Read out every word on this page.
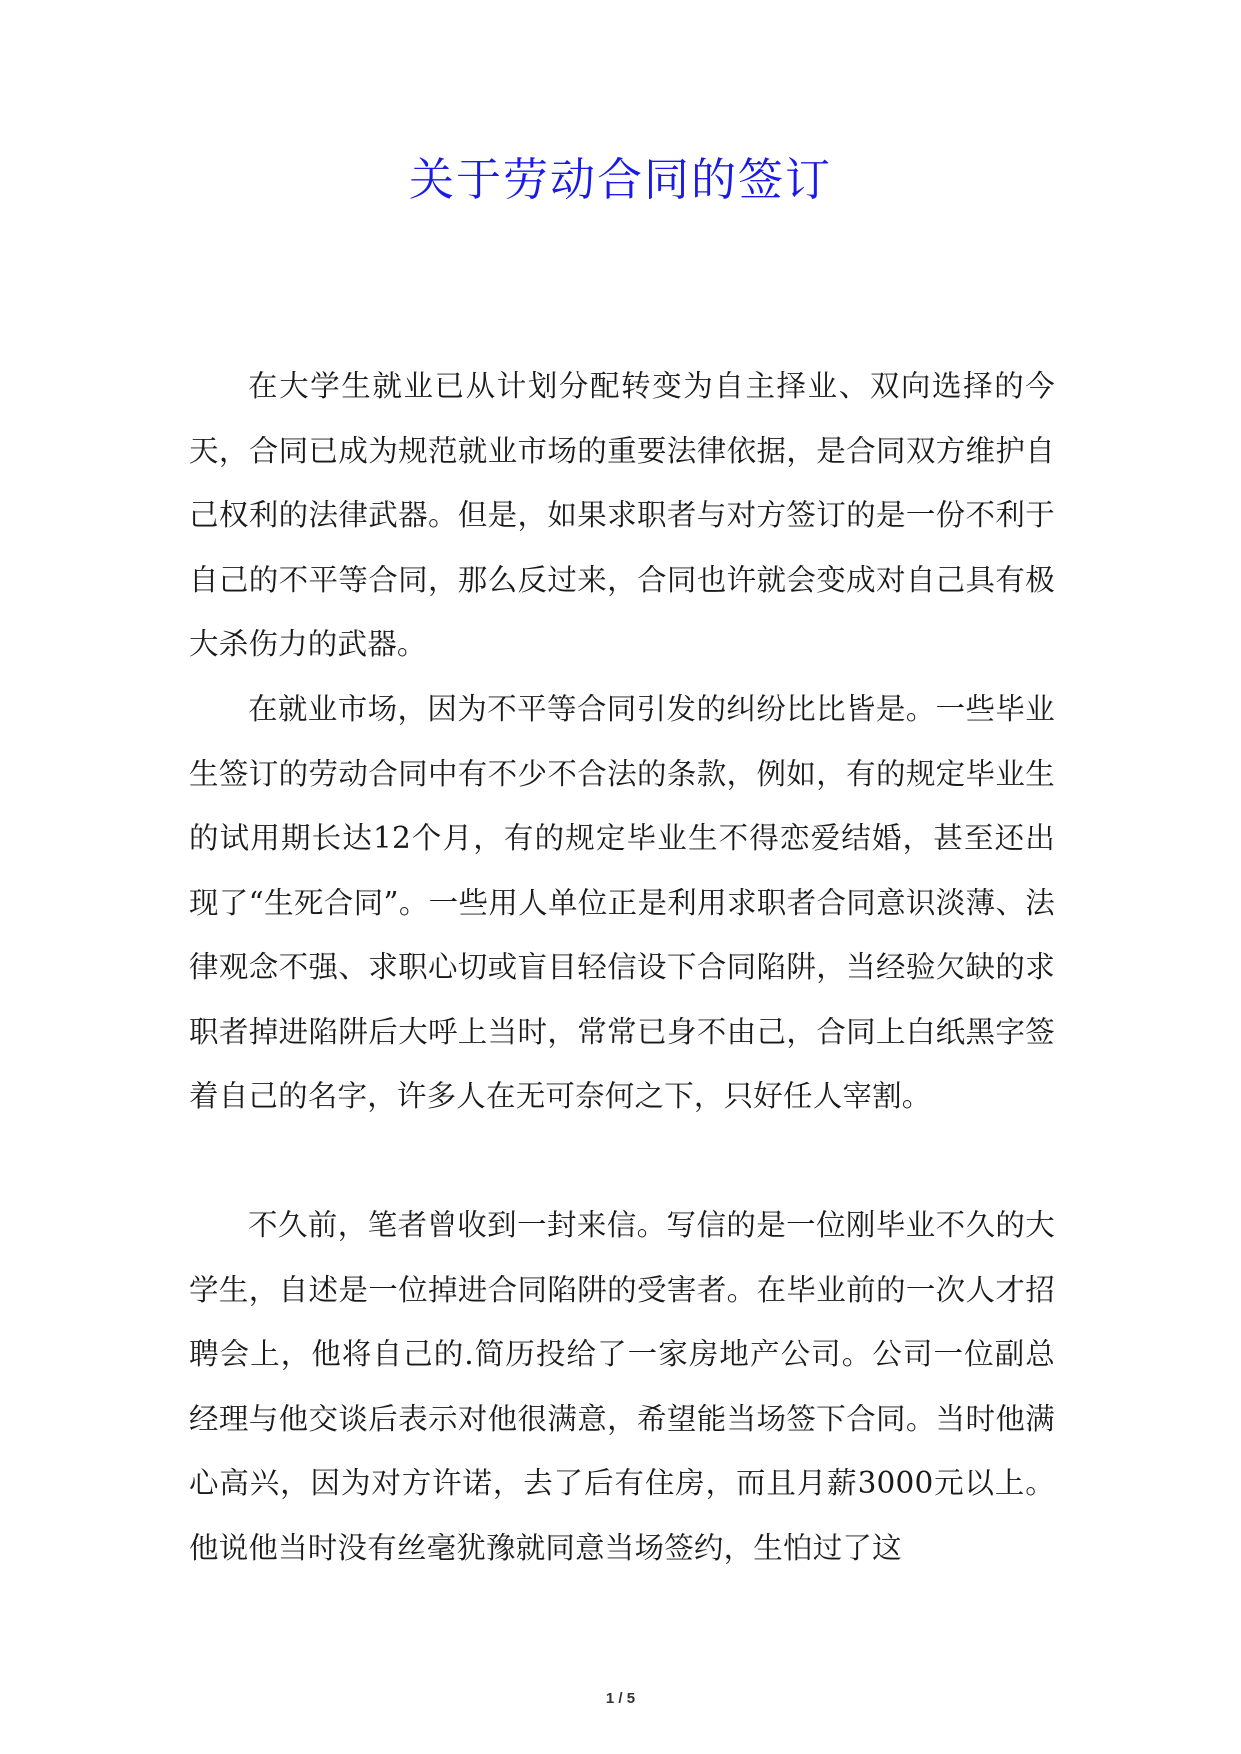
关于劳动合同的签订

在大学生就业已从计划分配转变为自主择业、双向选择的今天，合同已成为规范就业市场的重要法律依据，是合同双方维护自己权利的法律武器。但是，如果求职者与对方签订的是一份不利于自己的不平等合同，那么反过来，合同也许就会变成对自己具有极大杀伤力的武器。

在就业市场，因为不平等合同引发的纠纷比比皆是。一些毕业生签订的劳动合同中有不少不合法的条款，例如，有的规定毕业生的试用期长达12个月，有的规定毕业生不得恋爱结婚，甚至还出现了“生死合同”。一些用人单位正是利用求职者合同意识淡薄、法律观念不强、求职心切或盲目轻信设下合同陷阱，当经验欠缺的求职者掉进陷阱后大呼上当时，常常已身不由己，合同上白纸黑字签着自己的名字，许多人在无可奈何之下，只好任人宰割。

不久前，笔者曾收到一封来信。写信的是一位刚毕业不久的大学生，自述是一位掉进合同陷阱的受害者。在毕业前的一次人才招聘会上，他将自己的.简历投给了一家房地产公司。公司一位副总经理与他交谈后表示对他很满意，希望能当场签下合同。当时他满心高兴，因为对方许诺，去了后有住房，而且月薪3000元以上。他说他当时没有丝毫犹豫就同意当场签约，生怕过了这

1 / 5
